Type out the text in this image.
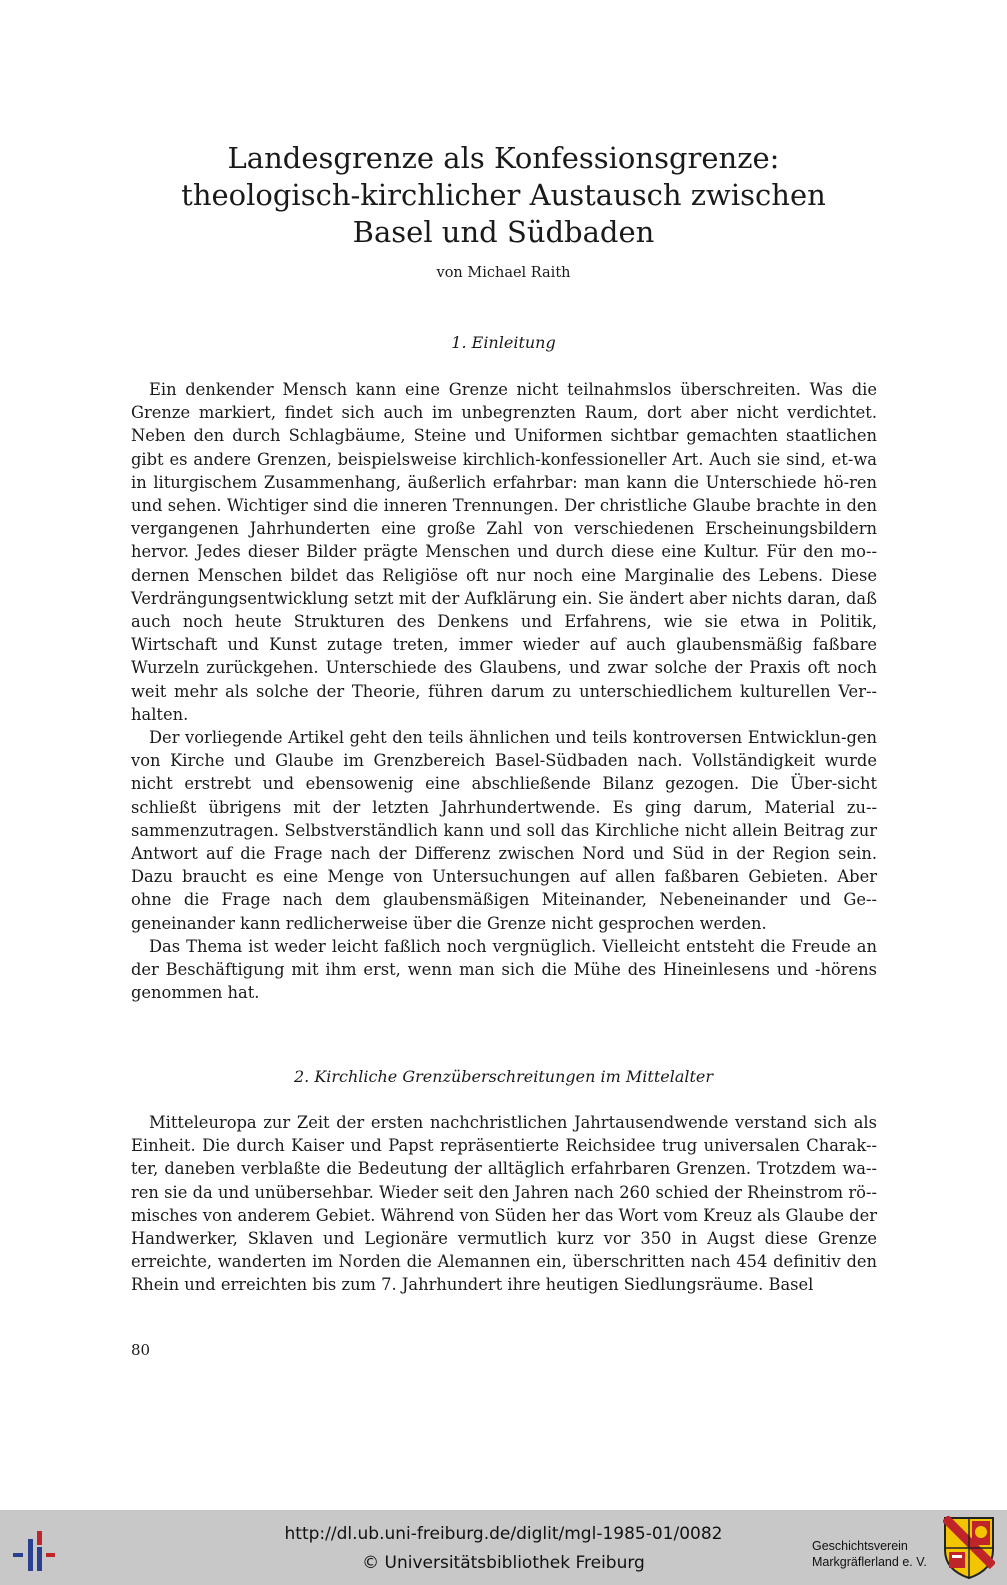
Landesgrenze als Konfessionsgrenze:
theologisch-kirchlicher Austausch zwischen
Basel und Südbaden
von Michael Raith
1. Einleitung

Ein denkender Mensch kann eine Grenze nicht teilnahmslos überschreiten. Was die Grenze markiert, findet sich auch im unbegrenzten Raum, dort aber nicht verdichtet. Neben den durch Schlagbäume, Steine und Uniformen sichtbar gemachten staatlichen gibt es andere Grenzen, beispielsweise kirchlich-konfessioneller Art. Auch sie sind, et-wa in liturgischem Zusammenhang, äußerlich erfahrbar: man kann die Unterschiede hö-ren und sehen. Wichtiger sind die inneren Trennungen. Der christliche Glaube brachte in den vergangenen Jahrhunderten eine große Zahl von verschiedenen Erscheinungsbildern hervor. Jedes dieser Bilder prägte Menschen und durch diese eine Kultur. Für den mo-dernen Menschen bildet das Religiöse oft nur noch eine Marginalie des Lebens. Diese Verdrängungsentwicklung setzt mit der Aufklärung ein. Sie ändert aber nichts daran, daß auch noch heute Strukturen des Denkens und Erfahrens, wie sie etwa in Politik, Wirtschaft und Kunst zutage treten, immer wieder auf auch glaubensmäßig faßbare Wurzeln zurückgehen. Unterschiede des Glaubens, und zwar solche der Praxis oft noch weit mehr als solche der Theorie, führen darum zu unterschiedlichem kulturellen Ver-halten.

Der vorliegende Artikel geht den teils ähnlichen und teils kontroversen Entwicklun-gen von Kirche und Glaube im Grenzbereich Basel-Südbaden nach. Vollständigkeit wurde nicht erstrebt und ebensowenig eine abschließende Bilanz gezogen. Die Über-sicht schließt übrigens mit der letzten Jahrhundertwende. Es ging darum, Material zu-sammenzutragen. Selbstverständlich kann und soll das Kirchliche nicht allein Beitrag zur Antwort auf die Frage nach der Differenz zwischen Nord und Süd in der Region sein. Dazu braucht es eine Menge von Untersuchungen auf allen faßbaren Gebieten. Aber ohne die Frage nach dem glaubensmäßigen Miteinander, Nebeneinander und Ge-geneinander kann redlicherweise über die Grenze nicht gesprochen werden.

Das Thema ist weder leicht faßlich noch vergnüglich. Vielleicht entsteht die Freude an der Beschäftigung mit ihm erst, wenn man sich die Mühe des Hineinlesens und -hörens genommen hat.

2. Kirchliche Grenzüberschreitungen im Mittelalter

Mitteleuropa zur Zeit der ersten nachchristlichen Jahrtausendwende verstand sich als Einheit. Die durch Kaiser und Papst repräsentierte Reichsidee trug universalen Charak-ter, daneben verblaßte die Bedeutung der alltäglich erfahrbaren Grenzen. Trotzdem wa-ren sie da und unübersehbar. Wieder seit den Jahren nach 260 schied der Rheinstrom rö-misches von anderem Gebiet. Während von Süden her das Wort vom Kreuz als Glaube der Handwerker, Sklaven und Legionäre vermutlich kurz vor 350 in Augst diese Grenze erreichte, wanderten im Norden die Alemannen ein, überschritten nach 454 definitiv den Rhein und erreichten bis zum 7. Jahrhundert ihre heutigen Siedlungsräume. Basel

80
http://dl.ub.uni-freiburg.de/diglit/mgl-1985-01/0082
© Universitätsbibliothek Freiburg
Geschichtsverein
Markgräflerland e. V.
